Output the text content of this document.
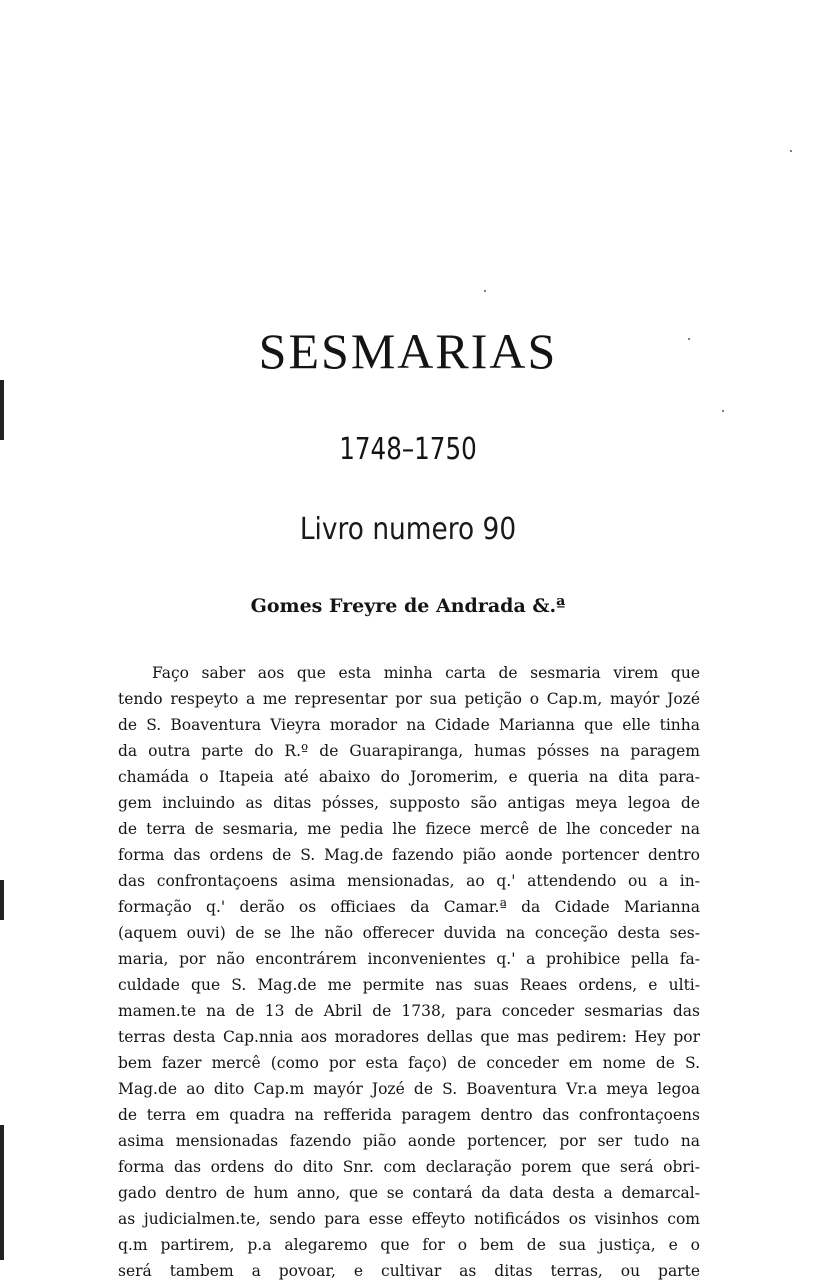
SESMARIAS
1748–1750
Livro numero 90
Gomes Freyre de Andrada &.ª
Faço saber aos que esta minha carta de sesmaria virem que
tendo respeyto a me representar por sua petição o Cap.m, mayór Jozé
de S. Boaventura Vieyra morador na Cidade Marianna que elle tinha
da outra parte do R.º de Guarapiranga, humas pósses na paragem
chamáda o Itapeia até abaixo do Joromerim, e queria na dita para-
gem incluindo as ditas pósses, supposto são antigas meya legoa de
de terra de sesmaria, me pedia lhe fizece mercê de lhe conceder na
forma das ordens de S. Mag.de fazendo pião aonde portencer dentro
das confrontaçoens asima mensionadas, ao q.' attendendo ou a in-
formação q.' derão os officiaes da Camar.ª da Cidade Marianna
(aquem ouvi) de se lhe não offerecer duvida na conceção desta ses-
maria, por não encontrárem inconvenientes q.' a prohibice pella fa-
culdade que S. Mag.de me permite nas suas Reaes ordens, e ulti-
mamen.te na de 13 de Abril de 1738, para conceder sesmarias das
terras desta Cap.nnia aos moradores dellas que mas pedirem: Hey por
bem fazer mercê (como por esta faço) de conceder em nome de S.
Mag.de ao dito Cap.m mayór Jozé de S. Boaventura Vr.a meya legoa
de terra em quadra na refferida paragem dentro das confrontaçoens
asima mensionadas fazendo pião aonde portencer, por ser tudo na
forma das ordens do dito Snr. com declaração porem que será obri-
gado dentro de hum anno, que se contará da data desta a demarcal-
as judicialmen.te, sendo para esse effeyto notificádos os visinhos com
q.m partirem, p.a alegaremo que for o bem de sua justiça, e o
será tambem a povoar, e cultivar as ditas terras, ou parte
